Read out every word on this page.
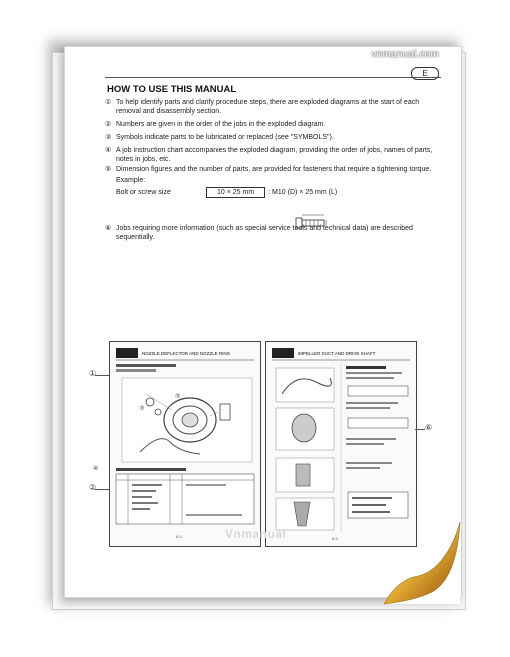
vnmanual.com
E
HOW TO USE THIS MANUAL
① To help identify parts and clarify procedure steps, there are exploded diagrams at the start of each removal and disassembly section.
② Numbers are given in the order of the jobs in the exploded diagram.
③ Symbols indicate parts to be lubricated or replaced (see "SYMBOLS").
④ A job instruction chart accompanies the exploded diagram, providing the order of jobs, names of parts, notes in jobs, etc.
⑤ Dimension figures and the number of parts, are provided for fasteners that require a tightening torque.
Example:
Bolt or screw size	10 × 25 mm	: M10 (D) × 25 mm (L)
⑥ Jobs requiring more information (such as special service tools and technical data) are described sequentially.
NOZZLE DEFLECTOR AND NOZZLE RING
8-5
IMPELLER DUCT AND DRIVE SHAFT
8-6
①
②
③
④
⑤
⑥
Vnmanual
